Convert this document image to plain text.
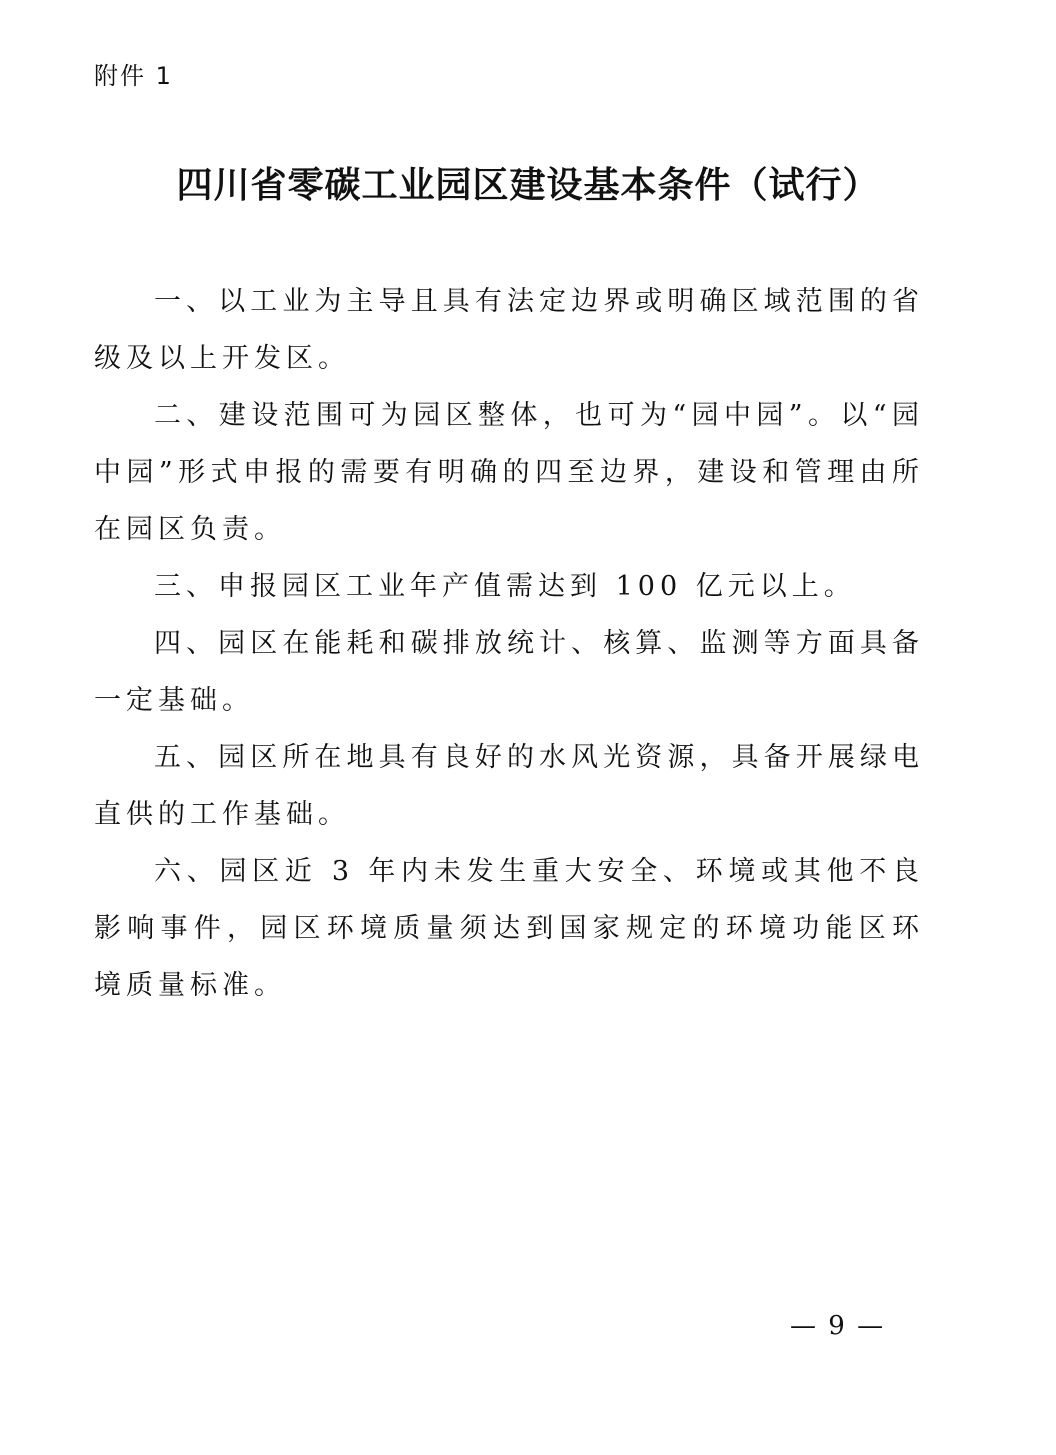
附件 1
四川省零碳工业园区建设基本条件（试行）

一、以工业为主导且具有法定边界或明确区域范围的省级及以上开发区。

二、建设范围可为园区整体，也可为“园中园”。以“园中园”形式申报的需要有明确的四至边界，建设和管理由所在园区负责。

三、申报园区工业年产值需达到 100 亿元以上。

四、园区在能耗和碳排放统计、核算、监测等方面具备一定基础。

五、园区所在地具有良好的水风光资源，具备开展绿电直供的工作基础。

六、园区近 3 年内未发生重大安全、环境或其他不良影响事件，园区环境质量须达到国家规定的环境功能区环境质量标准。

— 9 —
